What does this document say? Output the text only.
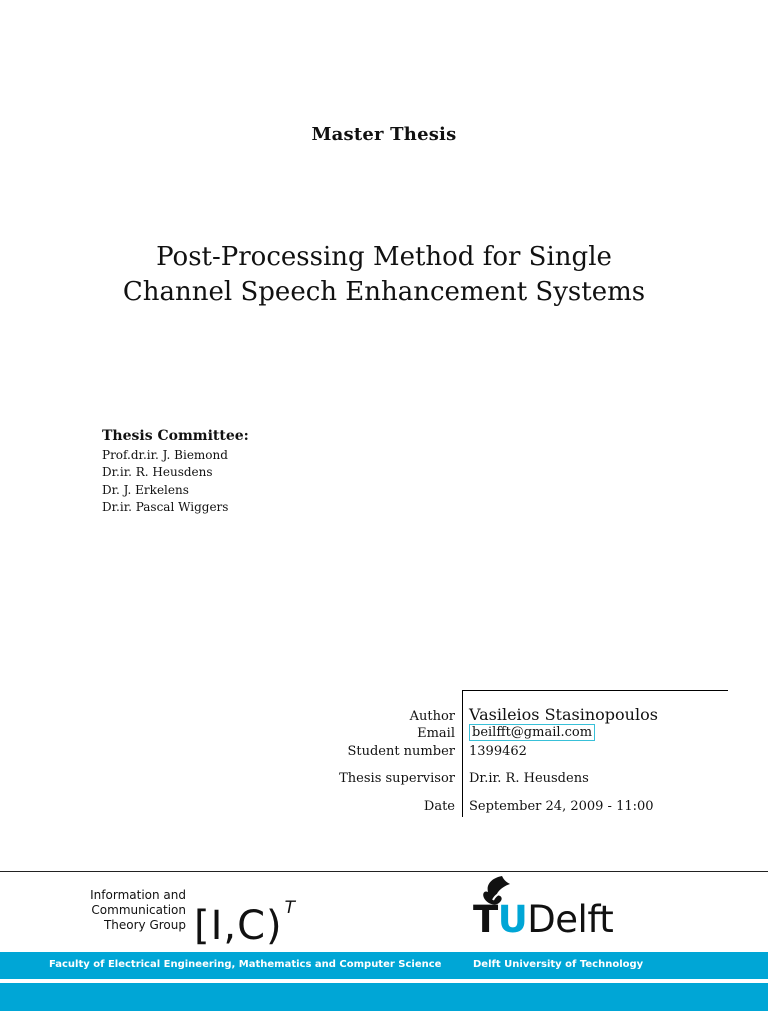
Master Thesis
Post-Processing Method for Single
Channel Speech Enhancement Systems
Thesis Committee:
Prof.dr.ir. J. Biemond
Dr.ir. R. Heusdens
Dr. J. Erkelens
Dr.ir. Pascal Wiggers
Author Vasileios Stasinopoulos
Email beilfft@gmail.com
Student number 1399462
Thesis supervisor Dr.ir. R. Heusdens
Date September 24, 2009 - 11:00
Information and
Communication
Theory Group [I,C) $^T$	TUDelft
Faculty of Electrical Engineering, Mathematics and Computer Science	Delft University of Technology
